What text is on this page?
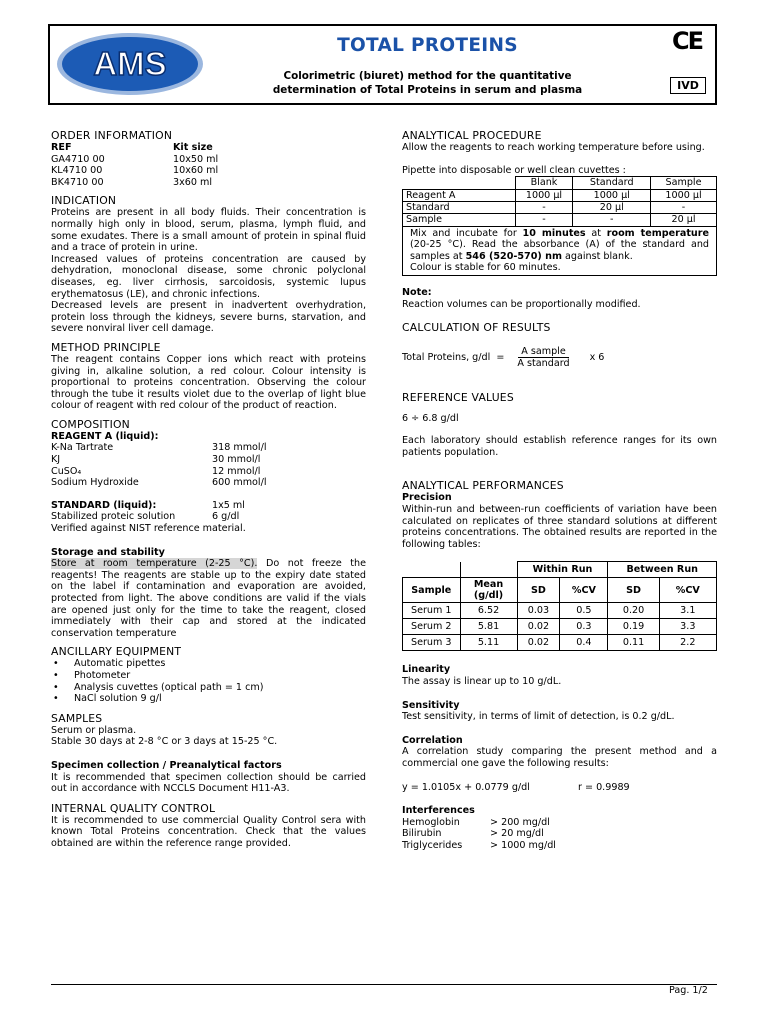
AMS	TOTAL PROTEINS
Colorimetric (biuret) method for the quantitative
determination of Total Proteins in serum and plasma
CE
IVD
ORDER INFORMATION
REF	Kit size
GA4710 00	10x50 ml
KL4710 00	10x60 ml
BK4710 00	3x60 ml
INDICATION

Proteins are present in all body fluids. Their concentration is normally high only in blood, serum, plasma, lymph fluid, and some exudates. There is a small amount of protein in spinal fluid and a trace of protein in urine.

Increased values of proteins concentration are caused by dehydration, monoclonal disease, some chronic polyclonal diseases, eg. liver cirrhosis, sarcoidosis, systemic lupus erythematosus (LE), and chronic infections.

Decreased levels are present in inadvertent overhydration, protein loss through the kidneys, severe burns, starvation, and severe nonviral liver cell damage.

METHOD PRINCIPLE

The reagent contains Copper ions which react with proteins giving in, alkaline solution, a red colour. Colour intensity is proportional to proteins concentration. Observing the colour through the tube it results violet due to the overlap of light blue colour of reagent with red colour of the product of reaction.

COMPOSITION
REAGENT A (liquid):
K-Na Tartrate	318 mmol/l
KJ	30 mmol/l
CuSO₄	12 mmol/l
Sodium Hydroxide	600 mmol/l
STANDARD (liquid):	1x5 ml
Stabilized proteic solution	6 g/dl
Verified against NIST reference material.
Storage and stability

Store at room temperature (2-25 °C). Do not freeze the reagents! The reagents are stable up to the expiry date stated on the label if contamination and evaporation are avoided, protected from light. The above conditions are valid if the vials are opened just only for the time to take the reagent, closed immediately with their cap and stored at the indicated conservation temperature

ANCILLARY EQUIPMENT
• Automatic pipettes
• Photometer
• Analysis cuvettes (optical path = 1 cm)
• NaCl solution 9 g/l
SAMPLES
Serum or plasma.
Stable 30 days at 2-8 °C or 3 days at 15-25 °C.
Specimen collection / Preanalytical factors

It is recommended that specimen collection should be carried out in accordance with NCCLS Document H11-A3.

INTERNAL QUALITY CONTROL

It is recommended to use commercial Quality Control sera with known Total Proteins concentration. Check that the values obtained are within the reference range provided.

ANALYTICAL PROCEDURE

Allow the reagents to reach working temperature before using.

Pipette into disposable or well clean cuvettes :
	Blank	Standard	Sample
Reagent A	1000 µl	1000 µl	1000 µl
Standard	-	20 µl	-
Sample	-	-	20 µl
Mix and incubate for 10 minutes at room temperature (20-25 °C). Read the absorbance (A) of the standard and samples at 546 (520-570) nm against blank.
Colour is stable for 60 minutes.			
Note:
Reaction volumes can be proportionally modified.
CALCULATION OF RESULTS
Total Proteins, g/dl  =
A sample
A standard
x 6
REFERENCE VALUES
6 ÷ 6.8 g/dl

Each laboratory should establish reference ranges for its own patients population.

ANALYTICAL PERFORMANCES
Precision

Within-run and between-run coefficients of variation have been calculated on replicates of three standard solutions at different proteins concentrations. The obtained results are reported in the following tables:

		Within Run		Between Run	
Sample	Mean (g/dl)	SD	%CV	SD	%CV
Serum 1	6.52	0.03	0.5	0.20	3.1
Serum 2	5.81	0.02	0.3	0.19	3.3
Serum 3	5.11	0.02	0.4	0.11	2.2
Linearity
The assay is linear up to 10 g/dL.
Sensitivity
Test sensitivity, in terms of limit of detection, is 0.2 g/dL.
Correlation

A correlation study comparing the present method and a commercial one gave the following results:

y = 1.0105x + 0.0779 g/dl	r = 0.9989
Interferences
Hemoglobin	> 200 mg/dl
Bilirubin	> 20 mg/dl
Triglycerides	> 1000 mg/dl
Pag. 1/2
